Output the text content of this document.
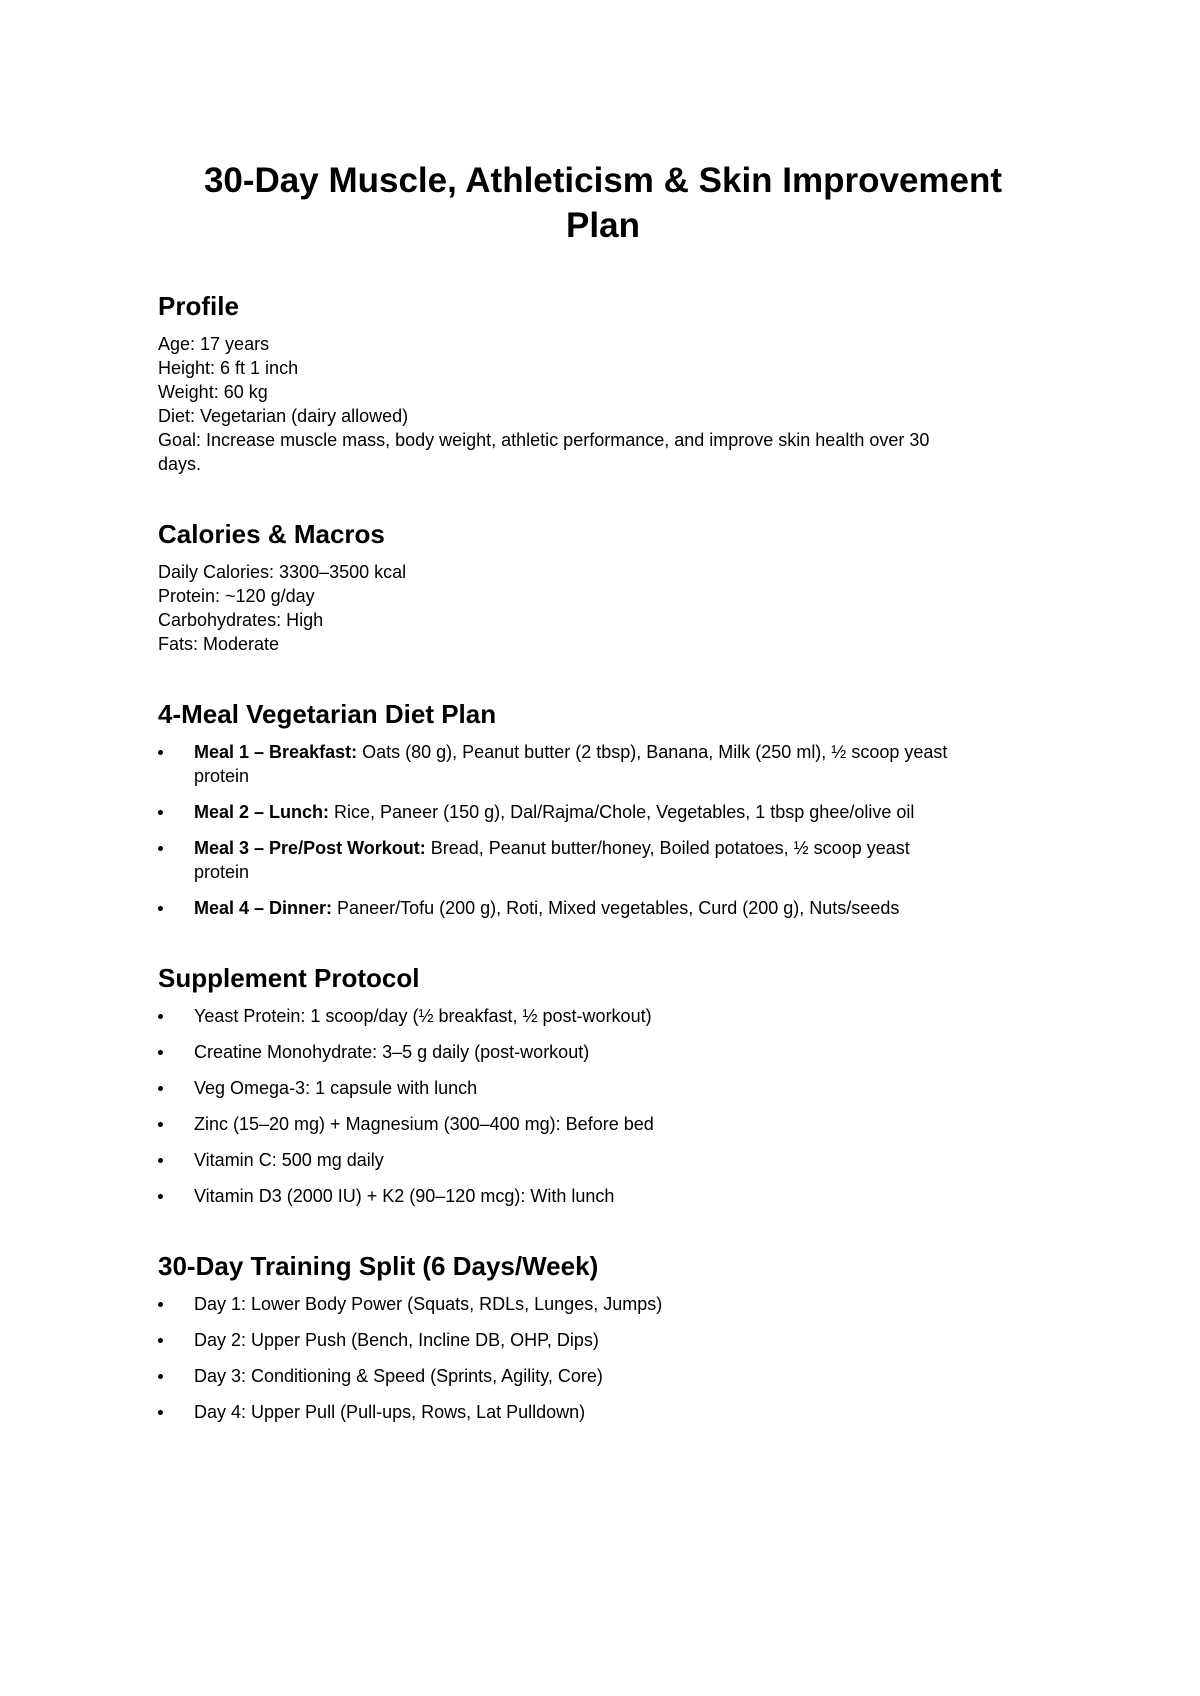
30-Day Muscle, Athleticism & Skin Improvement
Plan
Profile
Age: 17 years
Height: 6 ft 1 inch
Weight: 60 kg
Diet: Vegetarian (dairy allowed)
Goal: Increase muscle mass, body weight, athletic performance, and improve skin health over 30
days.
Calories & Macros
Daily Calories: 3300–3500 kcal
Protein: ~120 g/day
Carbohydrates: High
Fats: Moderate
4-Meal Vegetarian Diet Plan
Meal 1 – Breakfast: Oats (80 g), Peanut butter (2 tbsp), Banana, Milk (250 ml), ½ scoop yeast
protein
Meal 2 – Lunch: Rice, Paneer (150 g), Dal/Rajma/Chole, Vegetables, 1 tbsp ghee/olive oil
Meal 3 – Pre/Post Workout: Bread, Peanut butter/honey, Boiled potatoes, ½ scoop yeast
protein
Meal 4 – Dinner: Paneer/Tofu (200 g), Roti, Mixed vegetables, Curd (200 g), Nuts/seeds
Supplement Protocol
Yeast Protein: 1 scoop/day (½ breakfast, ½ post-workout)
Creatine Monohydrate: 3–5 g daily (post-workout)
Veg Omega-3: 1 capsule with lunch
Zinc (15–20 mg) + Magnesium (300–400 mg): Before bed
Vitamin C: 500 mg daily
Vitamin D3 (2000 IU) + K2 (90–120 mcg): With lunch
30-Day Training Split (6 Days/Week)
Day 1: Lower Body Power (Squats, RDLs, Lunges, Jumps)
Day 2: Upper Push (Bench, Incline DB, OHP, Dips)
Day 3: Conditioning & Speed (Sprints, Agility, Core)
Day 4: Upper Pull (Pull-ups, Rows, Lat Pulldown)
